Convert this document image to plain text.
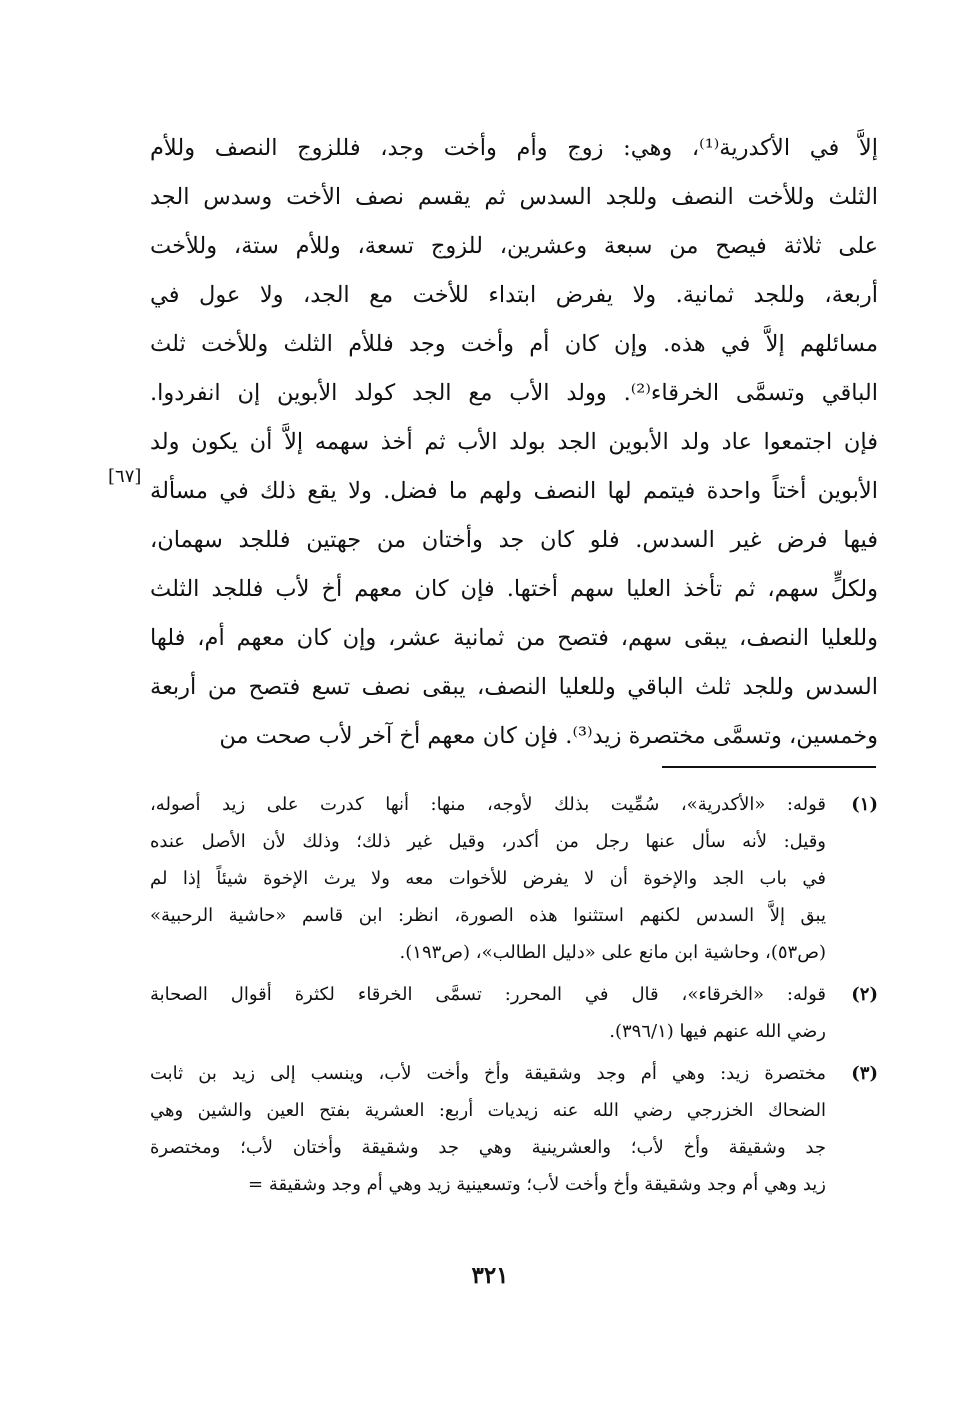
إلاَّ في الأكدرية⁽¹⁾، وهي: زوج وأم وأخت وجد، فللزوج النصف وللأم
الثلث وللأخت النصف وللجد السدس ثم يقسم نصف الأخت وسدس الجد
على ثلاثة فيصح من سبعة وعشرين، للزوج تسعة، وللأم ستة، وللأخت
أربعة، وللجد ثمانية. ولا يفرض ابتداء للأخت مع الجد، ولا عول في
مسائلهم إلاَّ في هذه. وإن كان أم وأخت وجد فللأم الثلث وللأخت ثلث
الباقي وتسمَّى الخرقاء⁽²⁾. وولد الأب مع الجد كولد الأبوين إن انفردوا.
فإن اجتمعوا عاد ولد الأبوين الجد بولد الأب ثم أخذ سهمه إلاَّ أن يكون ولد
الأبوين أختاً واحدة فيتمم لها النصف ولهم ما فضل. ولا يقع ذلك في مسألة
فيها فرض غير السدس. فلو كان جد وأختان من جهتين فللجد سهمان،
ولكلٍّ سهم، ثم تأخذ العليا سهم أختها. فإن كان معهم أخ لأب فللجد الثلث
وللعليا النصف، يبقى سهم، فتصح من ثمانية عشر، وإن كان معهم أم، فلها
السدس وللجد ثلث الباقي وللعليا النصف، يبقى نصف تسع فتصح من أربعة
وخمسين، وتسمَّى مختصرة زيد⁽³⁾. فإن كان معهم أخ آخر لأب صحت من
[٦٧]
(١)
قوله: «الأكدرية»، سُمِّيت بذلك لأوجه، منها: أنها كدرت على زيد أصوله،
وقيل: لأنه سأل عنها رجل من أكدر، وقيل غير ذلك؛ وذلك لأن الأصل عنده
في باب الجد والإخوة أن لا يفرض للأخوات معه ولا يرث الإخوة شيئاً إذا لم
يبق إلاَّ السدس لكنهم استثنوا هذه الصورة، انظر: ابن قاسم «حاشية الرحبية»
(ص٥٣)، وحاشية ابن مانع على «دليل الطالب»، (ص١٩٣).
(٢)
قوله: «الخرقاء»، قال في المحرر: تسمَّى الخرقاء لكثرة أقوال الصحابة
رضي الله عنهم فيها (٣٩٦/١).
(٣)
مختصرة زيد: وهي أم وجد وشقيقة وأخ وأخت لأب، وينسب إلى زيد بن ثابت
الضحاك الخزرجي رضي الله عنه زيديات أربع: العشرية بفتح العين والشين وهي
جد وشقيقة وأخ لأب؛ والعشرينية وهي جد وشقيقة وأختان لأب؛ ومختصرة
زيد وهي أم وجد وشقيقة وأخ وأخت لأب؛ وتسعينية زيد وهي أم وجد وشقيقة =
٣٢١
